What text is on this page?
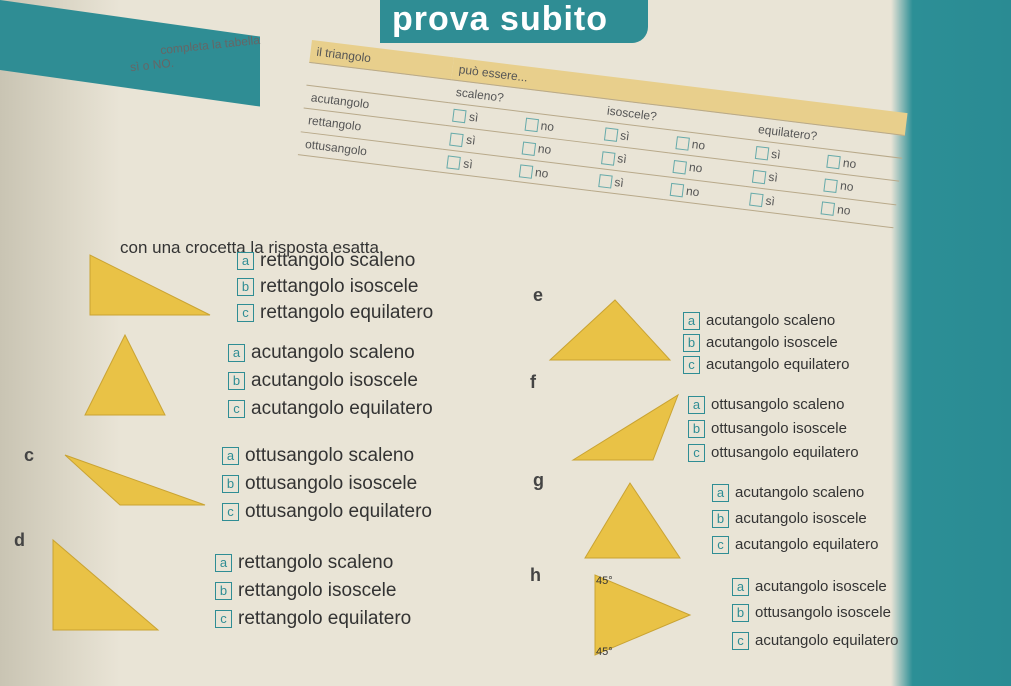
prova subito
completa la tabella
sì o NO.	il triangolo	può essere...					
	scaleno?		isoscele?		equilatero?	
acutangolo	sì	no	sì	no	sì	no
rettangolo	sì	no	sì	no	sì	no
ottusangolo	sì	no	sì	no	sì	no
con una crocetta la risposta esatta.
45°
45°
c
d
e
f
g
h
a rettangolo scaleno
b rettangolo isoscele
c rettangolo equilatero
a acutangolo scaleno
b acutangolo isoscele
c acutangolo equilatero
a ottusangolo scaleno
b ottusangolo isoscele
c ottusangolo equilatero
a rettangolo scaleno
b rettangolo isoscele
c rettangolo equilatero
a acutangolo scaleno
b acutangolo isoscele
c acutangolo equilatero
a ottusangolo scaleno
b ottusangolo isoscele
c ottusangolo equilatero
a acutangolo scaleno
b acutangolo isoscele
c acutangolo equilatero
a acutangolo isoscele
b ottusangolo isoscele
c acutangolo equilatero
